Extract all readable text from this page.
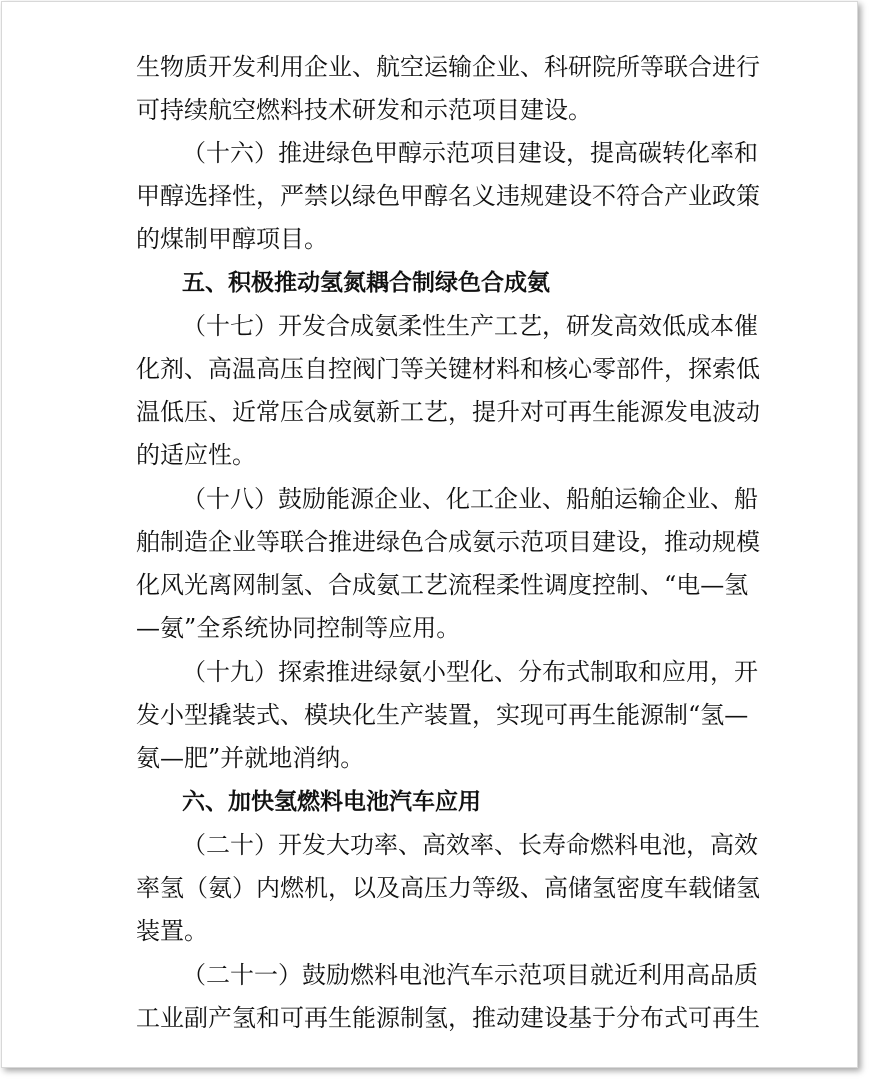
生物质开发利用企业、航空运输企业、科研院所等联合进行
可持续航空燃料技术研发和示范项目建设。
（十六）推进绿色甲醇示范项目建设，提高碳转化率和
甲醇选择性，严禁以绿色甲醇名义违规建设不符合产业政策
的煤制甲醇项目。
五、积极推动氢氮耦合制绿色合成氨
（十七）开发合成氨柔性生产工艺，研发高效低成本催
化剂、高温高压自控阀门等关键材料和核心零部件，探索低
温低压、近常压合成氨新工艺，提升对可再生能源发电波动
的适应性。
（十八）鼓励能源企业、化工企业、船舶运输企业、船
舶制造企业等联合推进绿色合成氨示范项目建设，推动规模
化风光离网制氢、合成氨工艺流程柔性调度控制、“电—氢
—氨”全系统协同控制等应用。
（十九）探索推进绿氨小型化、分布式制取和应用，开
发小型撬装式、模块化生产装置，实现可再生能源制“氢—
氨—肥”并就地消纳。
六、加快氢燃料电池汽车应用
（二十）开发大功率、高效率、长寿命燃料电池，高效
率氢（氨）内燃机，以及高压力等级、高储氢密度车载储氢
装置。
（二十一）鼓励燃料电池汽车示范项目就近利用高品质
工业副产氢和可再生能源制氢，推动建设基于分布式可再生
